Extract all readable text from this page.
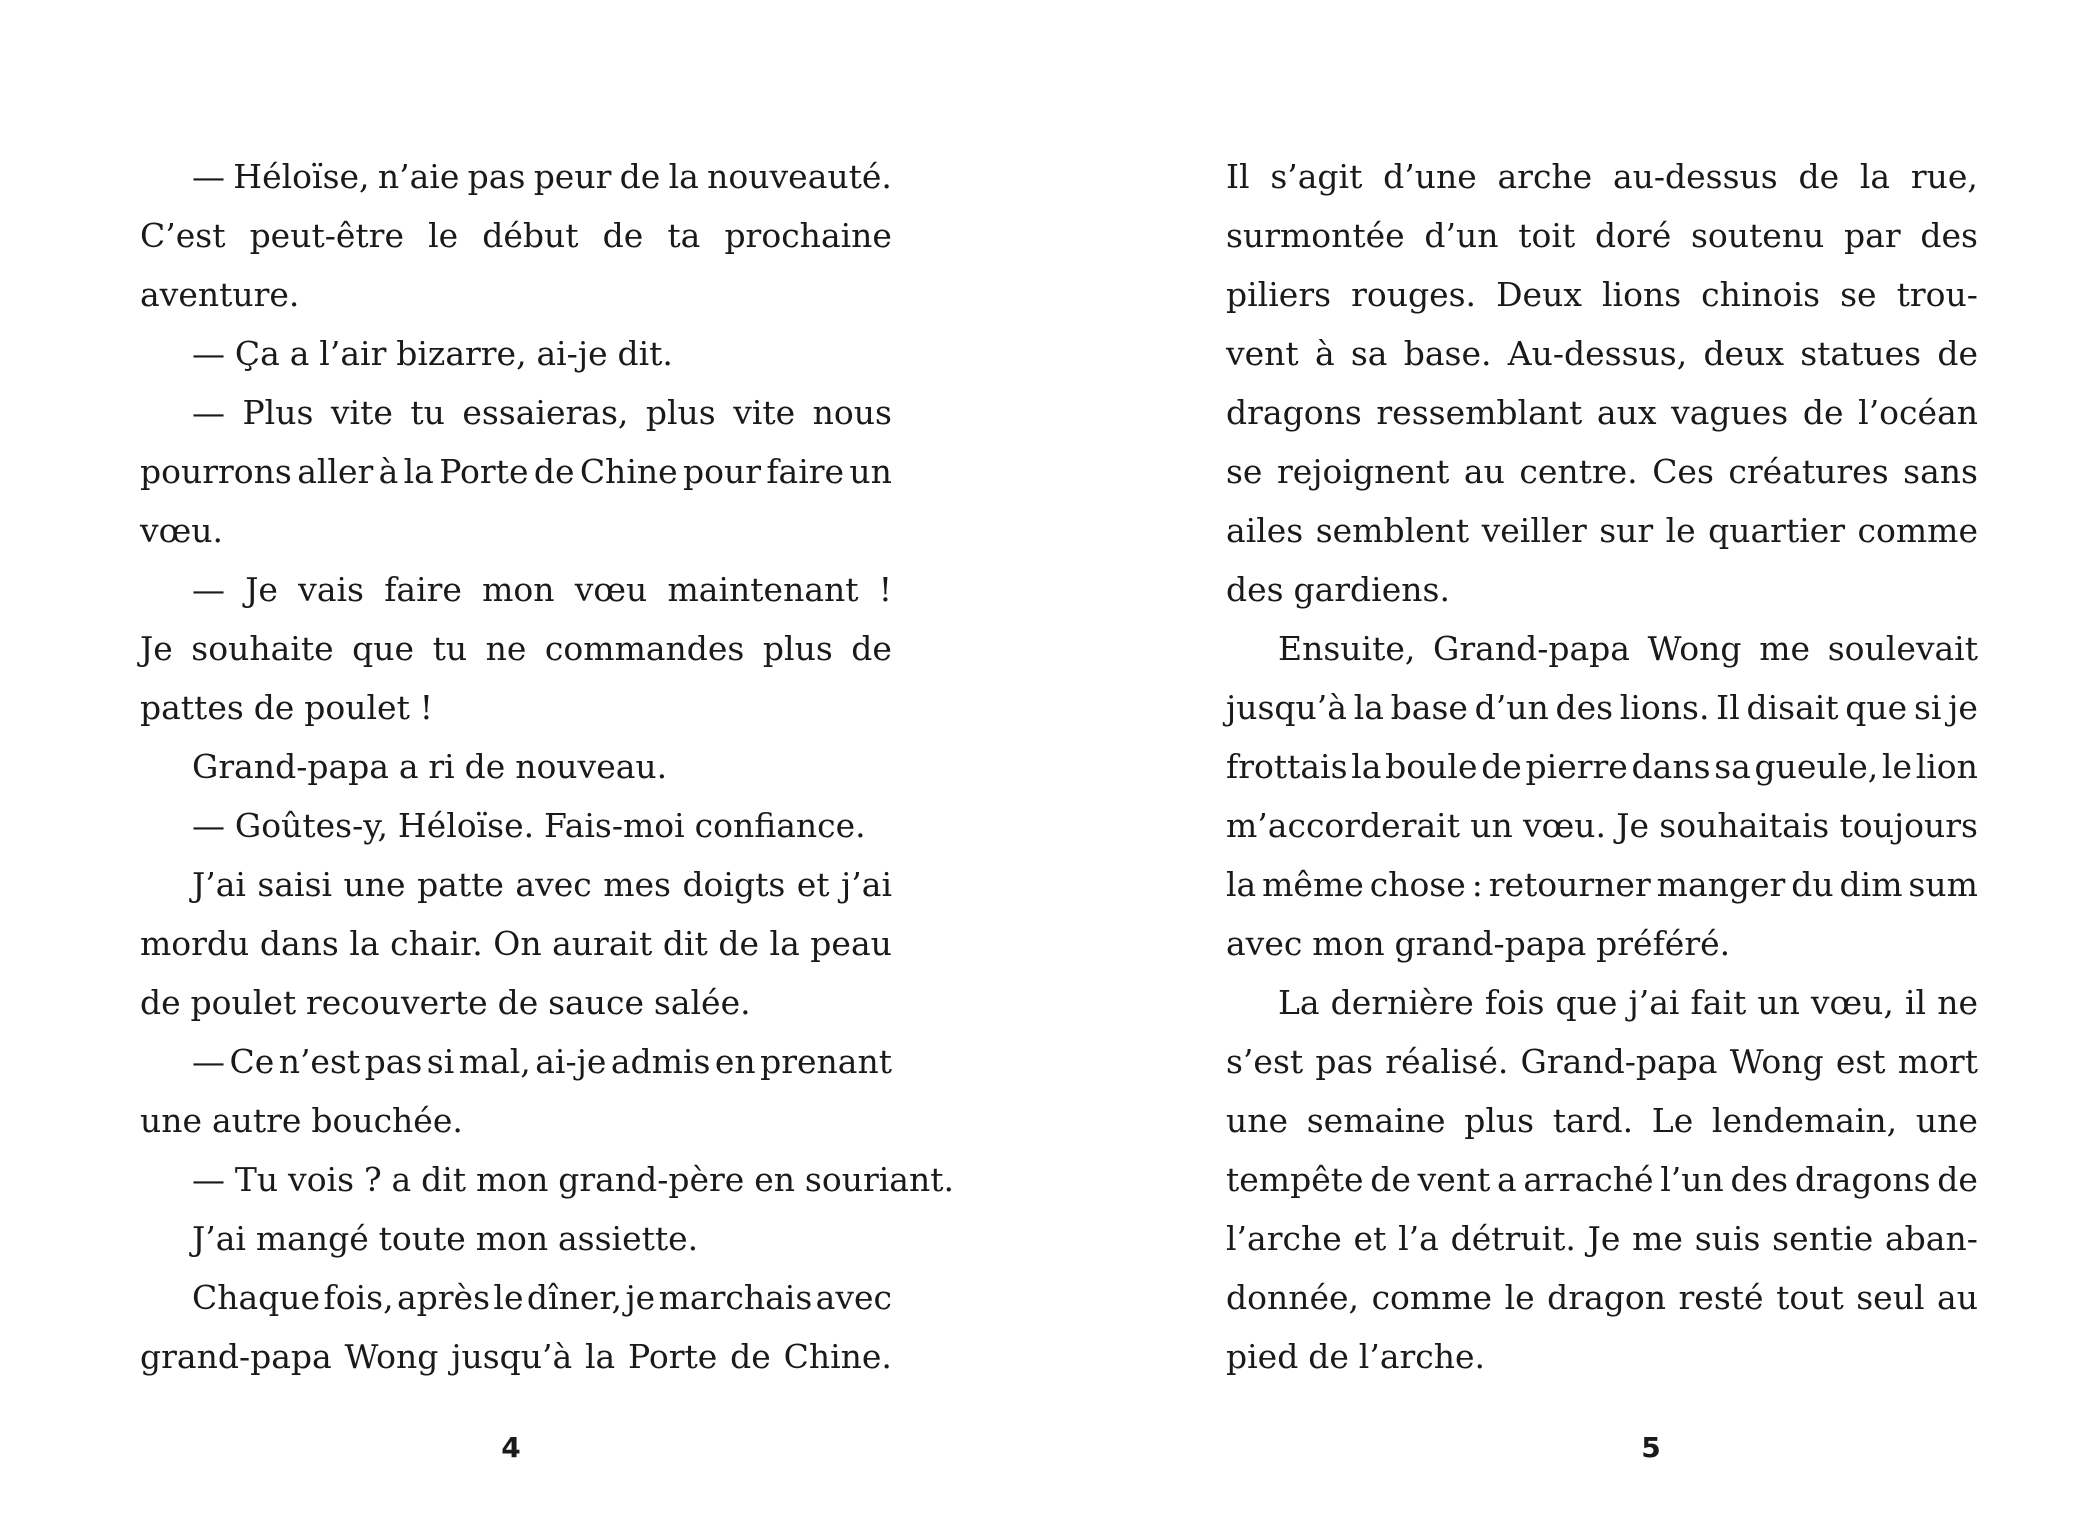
— Héloïse, n’aie pas peur de la nouveauté.
C’est peut-être le début de ta prochaine
aventure.
— Ça a l’air bizarre, ai-je dit.
— Plus vite tu essaieras, plus vite nous
pourrons aller à la Porte de Chine pour faire un
vœu.
— Je vais faire mon vœu maintenant !
Je souhaite que tu ne commandes plus de
pattes de poulet !
Grand-papa a ri de nouveau.
— Goûtes-y, Héloïse. Fais-moi confiance.
J’ai saisi une patte avec mes doigts et j’ai
mordu dans la chair. On aurait dit de la peau
de poulet recouverte de sauce salée.
— Ce n’est pas si mal, ai-je admis en prenant
une autre bouchée.
— Tu vois ? a dit mon grand-père en souriant.
J’ai mangé toute mon assiette.
Chaque fois, après le dîner, je marchais avec
grand-papa Wong jusqu’à la Porte de Chine.
4
Il s’agit d’une arche au-dessus de la rue,
surmontée d’un toit doré soutenu par des
piliers rouges. Deux lions chinois se trou-
vent à sa base. Au-dessus, deux statues de
dragons ressemblant aux vagues de l’océan
se rejoignent au centre. Ces créatures sans
ailes semblent veiller sur le quartier comme
des gardiens.
Ensuite, Grand-papa Wong me soulevait
jusqu’à la base d’un des lions. Il disait que si je
frottais la boule de pierre dans sa gueule, le lion
m’accorderait un vœu. Je souhaitais toujours
la même chose : retourner manger du dim sum
avec mon grand-papa préféré.
La dernière fois que j’ai fait un vœu, il ne
s’est pas réalisé. Grand-papa Wong est mort
une semaine plus tard. Le lendemain, une
tempête de vent a arraché l’un des dragons de
l’arche et l’a détruit. Je me suis sentie aban-
donnée, comme le dragon resté tout seul au
pied de l’arche.
5
